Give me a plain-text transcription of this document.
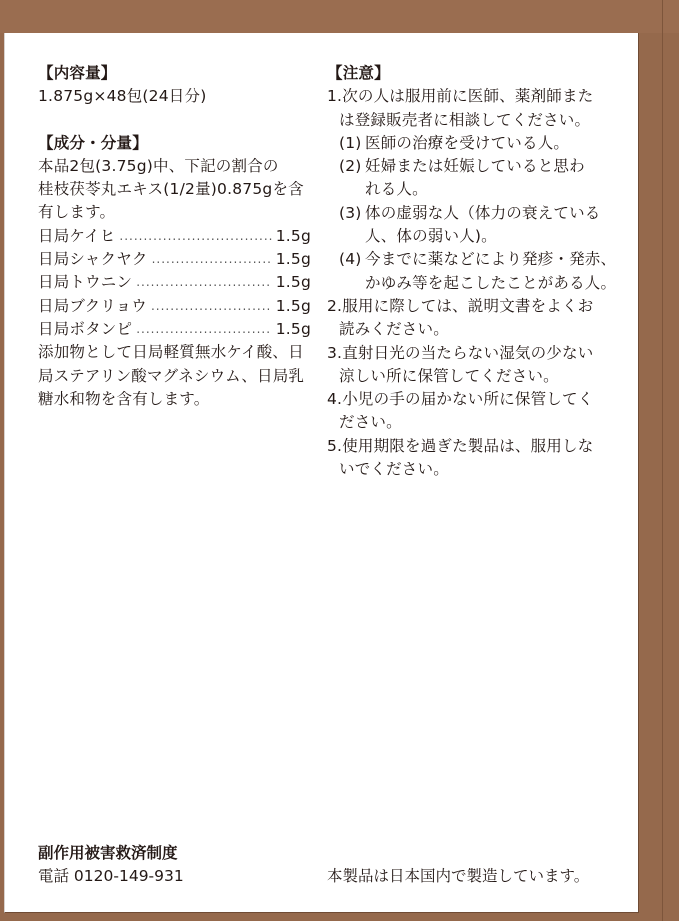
【内容量】
1.875g×48包(24日分)
【成分・分量】
本品2包(3.75g)中、下記の割合の
桂枝茯苓丸エキス(1/2量)0.875gを含
有します。
日局ケイヒ .....	1.5g
日局シャクヤク .....	1.5g
日局トウニン .....	1.5g
日局ブクリョウ .....	1.5g
日局ボタンピ .....	1.5g
添加物として日局軽質無水ケイ酸、日
局ステアリン酸マグネシウム、日局乳
糖水和物を含有します。
【注意】
1. 次の人は服用前に医師、薬剤師また
は登録販売者に相談してください。
(1) 医師の治療を受けている人。
(2) 妊婦または妊娠していると思わ
れる人。
(3) 体の虚弱な人（体力の衰えている
人、体の弱い人)。
(4) 今までに薬などにより発疹・発赤、
かゆみ等を起こしたことがある人。
2. 服用に際しては、説明文書をよくお
読みください。
3. 直射日光の当たらない湿気の少ない
涼しい所に保管してください。
4. 小児の手の届かない所に保管してく
ださい。
5. 使用期限を過ぎた製品は、服用しな
いでください。
副作用被害救済制度
電話 0120-149-931	本製品は日本国内で製造しています。
